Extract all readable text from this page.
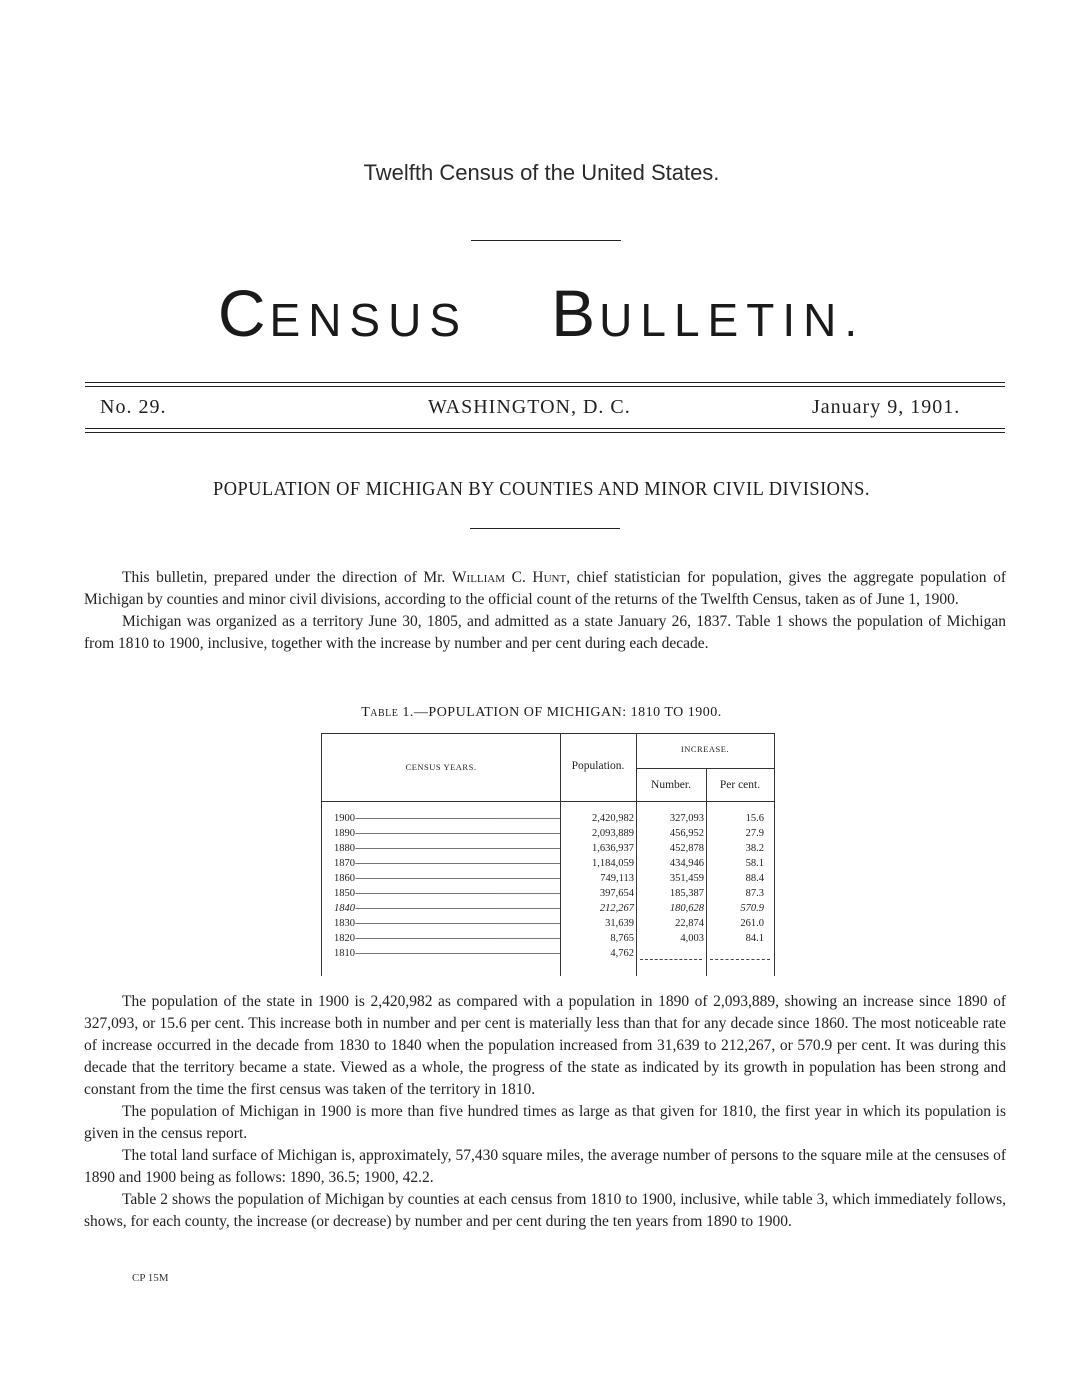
Twelfth Census of the United States.
CENSUS BULLETIN.
No. 29.	WASHINGTON, D. C.	January 9, 1901.
POPULATION OF MICHIGAN BY COUNTIES AND MINOR CIVIL DIVISIONS.

This bulletin, prepared under the direction of Mr. William C. Hunt, chief statistician for population, gives the aggregate population of Michigan by counties and minor civil divisions, according to the official count of the returns of the Twelfth Census, taken as of June 1, 1900.

Michigan was organized as a territory June 30, 1805, and admitted as a state January 26, 1837. Table 1 shows the population of Michigan from 1810 to 1900, inclusive, together with the increase by number and per cent during each decade.

Table 1.—POPULATION OF MICHIGAN: 1810 TO 1900.
CENSUS YEARS.	Population.
INCREASE.
Number.	Per cent.
1900 -----	2,420,982	327,093	15.6
1890 -----	2,093,889	456,952	27.9
1880 -----	1,636,937	452,878	38.2
1870 -----	1,184,059	434,946	58.1
1860 -----	749,113	351,459	88.4
1850 -----	397,654	185,387	87.3
1840 -----	212,267	180,628	570.9
1830 -----	31,639	22,874	261.0
1820 -----	8,765	4,003	84.1
1810 -----	4,762

The population of the state in 1900 is 2,420,982 as compared with a population in 1890 of 2,093,889, showing an increase since 1890 of 327,093, or 15.6 per cent. This increase both in number and per cent is materially less than that for any decade since 1860. The most noticeable rate of increase occurred in the decade from 1830 to 1840 when the population increased from 31,639 to 212,267, or 570.9 per cent. It was during this decade that the territory became a state. Viewed as a whole, the progress of the state as indicated by its growth in population has been strong and constant from the time the first census was taken of the territory in 1810.

The population of Michigan in 1900 is more than five hundred times as large as that given for 1810, the first year in which its population is given in the census report.

The total land surface of Michigan is, approximately, 57,430 square miles, the average number of persons to the square mile at the censuses of 1890 and 1900 being as follows: 1890, 36.5; 1900, 42.2.

Table 2 shows the population of Michigan by counties at each census from 1810 to 1900, inclusive, while table 3, which immediately follows, shows, for each county, the increase (or decrease) by number and per cent during the ten years from 1890 to 1900.

CP 15M
